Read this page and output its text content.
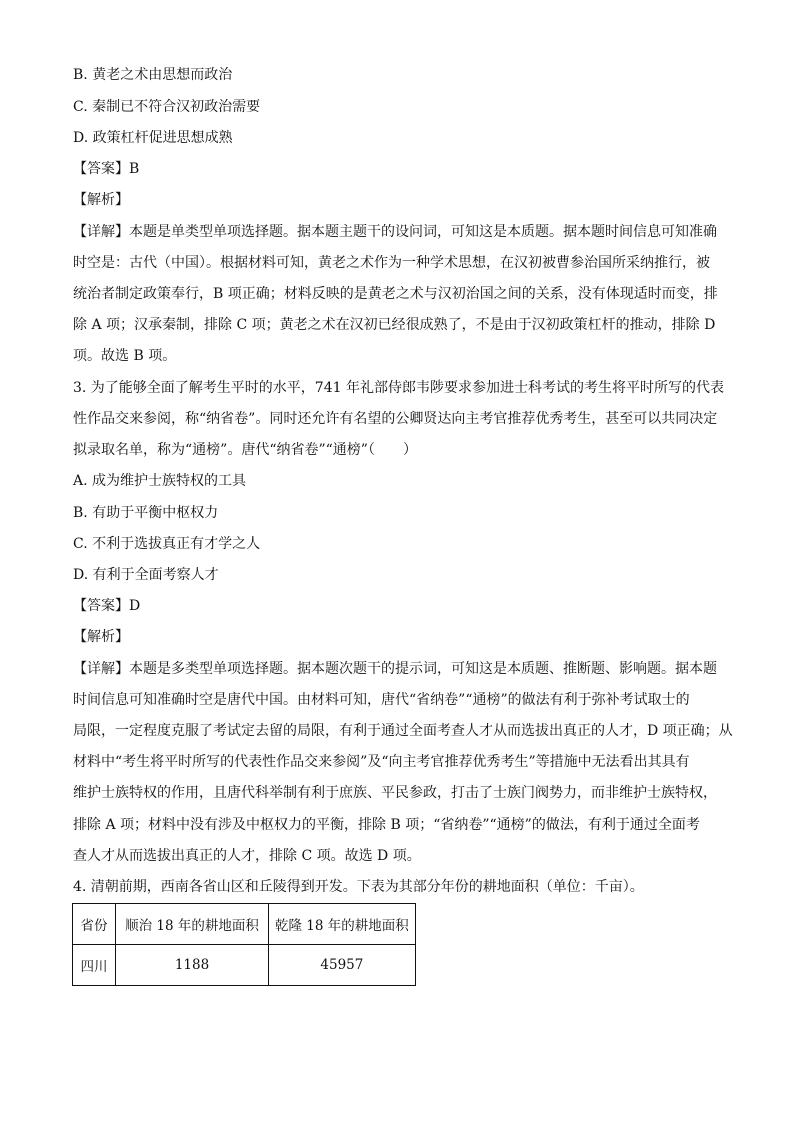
B. 黄老之术由思想而政治
C. 秦制已不符合汉初政治需要
D. 政策杠杆促进思想成熟
【答案】B
【解析】
【详解】本题是单类型单项选择题。据本题主题干的设问词，可知这是本质题。据本题时间信息可知准确
时空是：古代（中国）。根据材料可知，黄老之术作为一种学术思想，在汉初被曹参治国所采纳推行，被
统治者制定政策奉行，B 项正确；材料反映的是黄老之术与汉初治国之间的关系，没有体现适时而变，排
除 A 项；汉承秦制，排除 C 项；黄老之术在汉初已经很成熟了，不是由于汉初政策杠杆的推动，排除 D
项。故选 B 项。
3. 为了能够全面了解考生平时的水平，741 年礼部侍郎韦陟要求参加进士科考试的考生将平时所写的代表
性作品交来参阅，称“纳省卷”。同时还允许有名望的公卿贤达向主考官推荐优秀考生，甚至可以共同决定
拟录取名单，称为“通榜”。唐代“纳省卷”“通榜”（　　）
A. 成为维护士族特权的工具
B. 有助于平衡中枢权力
C. 不利于选拔真正有才学之人
D. 有利于全面考察人才
【答案】D
【解析】
【详解】本题是多类型单项选择题。据本题次题干的提示词，可知这是本质题、推断题、影响题。据本题
时间信息可知准确时空是唐代中国。由材料可知，唐代“省纳卷”“通榜”的做法有利于弥补考试取士的
局限，一定程度克服了考试定去留的局限，有利于通过全面考查人才从而选拔出真正的人才，D 项正确；从
材料中“考生将平时所写的代表性作品交来参阅”及“向主考官推荐优秀考生”等措施中无法看出其具有
维护士族特权的作用，且唐代科举制有利于庶族、平民参政，打击了士族门阀势力，而非维护士族特权，
排除 A 项；材料中没有涉及中枢权力的平衡，排除 B 项；“省纳卷”“通榜”的做法，有利于通过全面考
查人才从而选拔出真正的人才，排除 C 项。故选 D 项。
4. 清朝前期，西南各省山区和丘陵得到开发。下表为其部分年份的耕地面积（单位：千亩）。
省份	顺治 18 年的耕地面积	乾隆 18 年的耕地面积
四川	1188	45957
